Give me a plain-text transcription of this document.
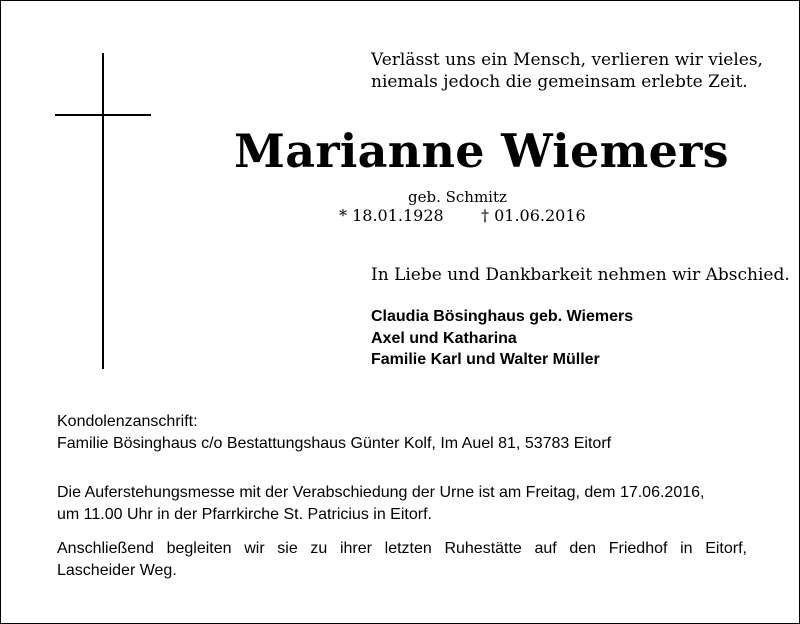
Verlässt uns ein Mensch, verlieren wir vieles,
niemals jedoch die gemeinsam erlebte Zeit.
Marianne Wiemers
geb. Schmitz
* 18.01.1928 † 01.06.2016
In Liebe und Dankbarkeit nehmen wir Abschied.
Claudia Bösinghaus geb. Wiemers
Axel und Katharina
Familie Karl und Walter Müller
Kondolenzanschrift:
Familie Bösinghaus c/o Bestattungshaus Günter Kolf, Im Auel 81, 53783 Eitorf
Die Auferstehungsmesse mit der Verabschiedung der Urne ist am Freitag, dem 17.06.2016,
um 11.00 Uhr in der Pfarrkirche St. Patricius in Eitorf.
Anschließend begleiten wir sie zu ihrer letzten Ruhestätte auf den Friedhof in Eitorf,
Lascheider Weg.
